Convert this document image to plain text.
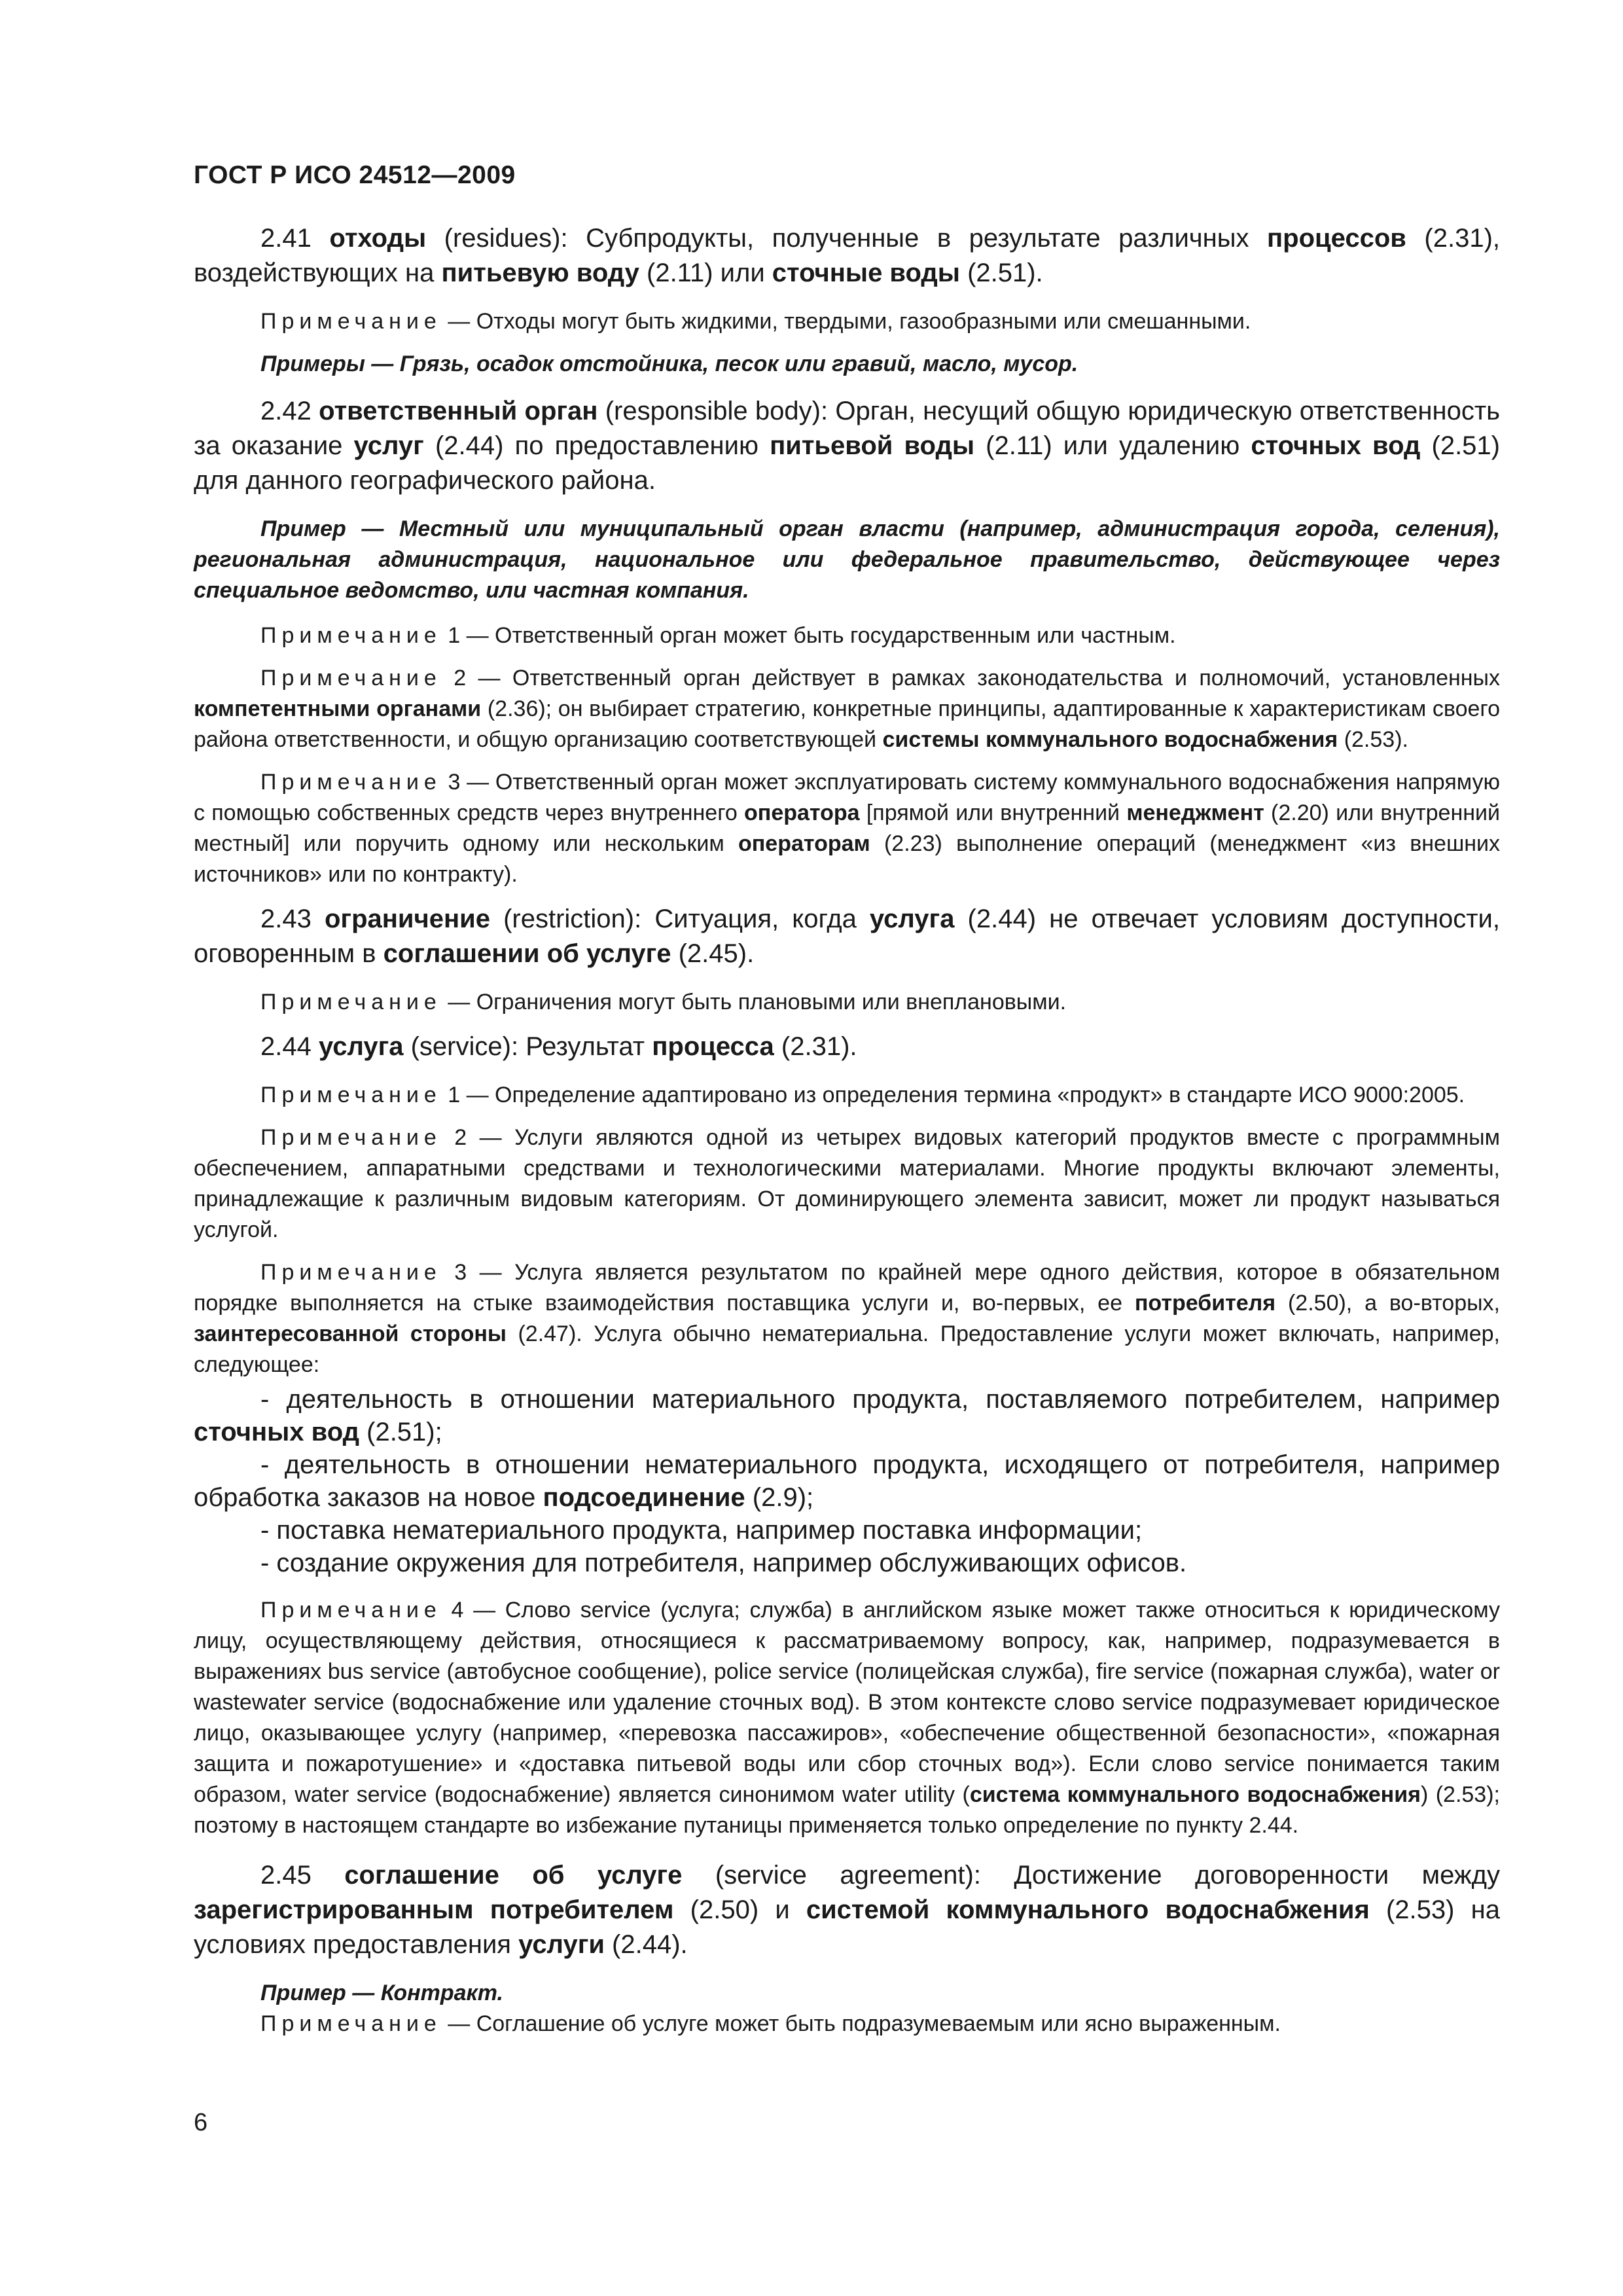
ГОСТ Р ИСО 24512—2009

2.41 отходы (residues): Субпродукты, полученные в результате различных процессов (2.31), воздействующих на питьевую воду (2.11) или сточные воды (2.51).

Примечание — Отходы могут быть жидкими, твердыми, газообразными или смешанными.

Примеры — Грязь, осадок отстойника, песок или гравий, масло, мусор.

2.42 ответственный орган (responsible body): Орган, несущий общую юридическую ответственность за оказание услуг (2.44) по предоставлению питьевой воды (2.11) или удалению сточных вод (2.51) для данного географического района.

Пример — Местный или муниципальный орган власти (например, администрация города, селения), региональная администрация, национальное или федеральное правительство, действующее через специальное ведомство, или частная компания.

Примечание 1 — Ответственный орган может быть государственным или частным.

Примечание 2 — Ответственный орган действует в рамках законодательства и полномочий, установленных компетентными органами (2.36); он выбирает стратегию, конкретные принципы, адаптированные к характеристикам своего района ответственности, и общую организацию соответствующей системы коммунального водоснабжения (2.53).

Примечание 3 — Ответственный орган может эксплуатировать систему коммунального водоснабжения напрямую с помощью собственных средств через внутреннего оператора [прямой или внутренний менеджмент (2.20) или внутренний местный] или поручить одному или нескольким операторам (2.23) выполнение операций (менеджмент «из внешних источников» или по контракту).

2.43 ограничение (restriction): Ситуация, когда услуга (2.44) не отвечает условиям доступности, оговоренным в соглашении об услуге (2.45).

Примечание — Ограничения могут быть плановыми или внеплановыми.

2.44 услуга (service): Результат процесса (2.31).

Примечание 1 — Определение адаптировано из определения термина «продукт» в стандарте ИСО 9000:2005.

Примечание 2 — Услуги являются одной из четырех видовых категорий продуктов вместе с программным обеспечением, аппаратными средствами и технологическими материалами. Многие продукты включают элементы, принадлежащие к различным видовым категориям. От доминирующего элемента зависит, может ли продукт называться услугой.

Примечание 3 — Услуга является результатом по крайней мере одного действия, которое в обязательном порядке выполняется на стыке взаимодействия поставщика услуги и, во-первых, ее потребителя (2.50), а во-вторых, заинтересованной стороны (2.47). Услуга обычно нематериальна. Предоставление услуги может включать, например, следующее:

- деятельность в отношении материального продукта, поставляемого потребителем, например сточных вод (2.51);

- деятельность в отношении нематериального продукта, исходящего от потребителя, например обработка заказов на новое подсоединение (2.9);

- поставка нематериального продукта, например поставка информации;

- создание окружения для потребителя, например обслуживающих офисов.

Примечание 4 — Слово service (услуга; служба) в английском языке может также относиться к юридическому лицу, осуществляющему действия, относящиеся к рассматриваемому вопросу, как, например, подразумевается в выражениях bus service (автобусное сообщение), police service (полицейская служба), fire service (пожарная служба), water or wastewater service (водоснабжение или удаление сточных вод). В этом контексте слово service подразумевает юридическое лицо, оказывающее услугу (например, «перевозка пассажиров», «обеспечение общественной безопасности», «пожарная защита и пожаротушение» и «доставка питьевой воды или сбор сточных вод»). Если слово service понимается таким образом, water service (водоснабжение) является синонимом water utility (система коммунального водоснабжения) (2.53); поэтому в настоящем стандарте во избежание путаницы применяется только определение по пункту 2.44.

2.45 соглашение об услуге (service agreement): Достижение договоренности между зарегистрированным потребителем (2.50) и системой коммунального водоснабжения (2.53) на условиях предоставления услуги (2.44).

Пример — Контракт.

Примечание — Соглашение об услуге может быть подразумеваемым или ясно выраженным.

6
